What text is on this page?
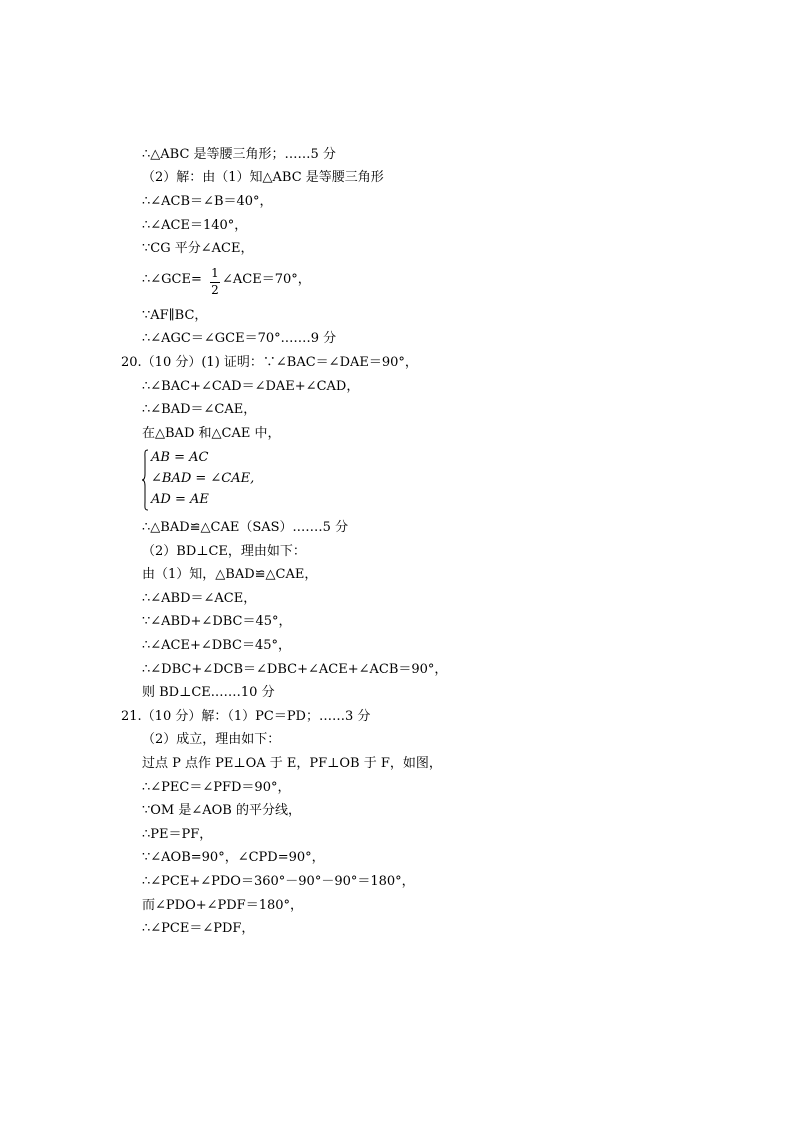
∴△ABC 是等腰三角形；……5 分
（2）解：由（1）知△ABC 是等腰三角形
∴∠ACB＝∠B＝40°，
∴∠ACE＝140°，
∵CG 平分∠ACE，
∴∠GCE= 1
2
∠ACE＝70°，
∵AF∥BC，
∴∠AGC＝∠GCE＝70°.……9 分
20.（10 分）(1) 证明：∵∠BAC＝∠DAE＝90°，
∴∠BAC+∠CAD＝∠DAE+∠CAD，
∴∠BAD＝∠CAE，
在△BAD 和△CAE 中，
AB = AC
∠BAD = ∠CAE,
AD = AE
∴△BAD≌△CAE（SAS）.……5 分
（2）BD⊥CE，理由如下：
由（1）知，△BAD≌△CAE，
∴∠ABD＝∠ACE，
∵∠ABD+∠DBC＝45°，
∴∠ACE+∠DBC＝45°，
∴∠DBC+∠DCB＝∠DBC+∠ACE+∠ACB＝90°，
则 BD⊥CE.……10 分
21.（10 分）解：（1）PC＝PD；……3 分
（2）成立，理由如下：
过点 P 点作 PE⊥OA 于 E，PF⊥OB 于 F，如图，
∴∠PEC＝∠PFD＝90°，
∵OM 是∠AOB 的平分线，
∴PE＝PF，
∵∠AOB=90°，∠CPD=90°，
∴∠PCE+∠PDO＝360°－90°－90°＝180°，
而∠PDO+∠PDF＝180°，
∴∠PCE＝∠PDF，
